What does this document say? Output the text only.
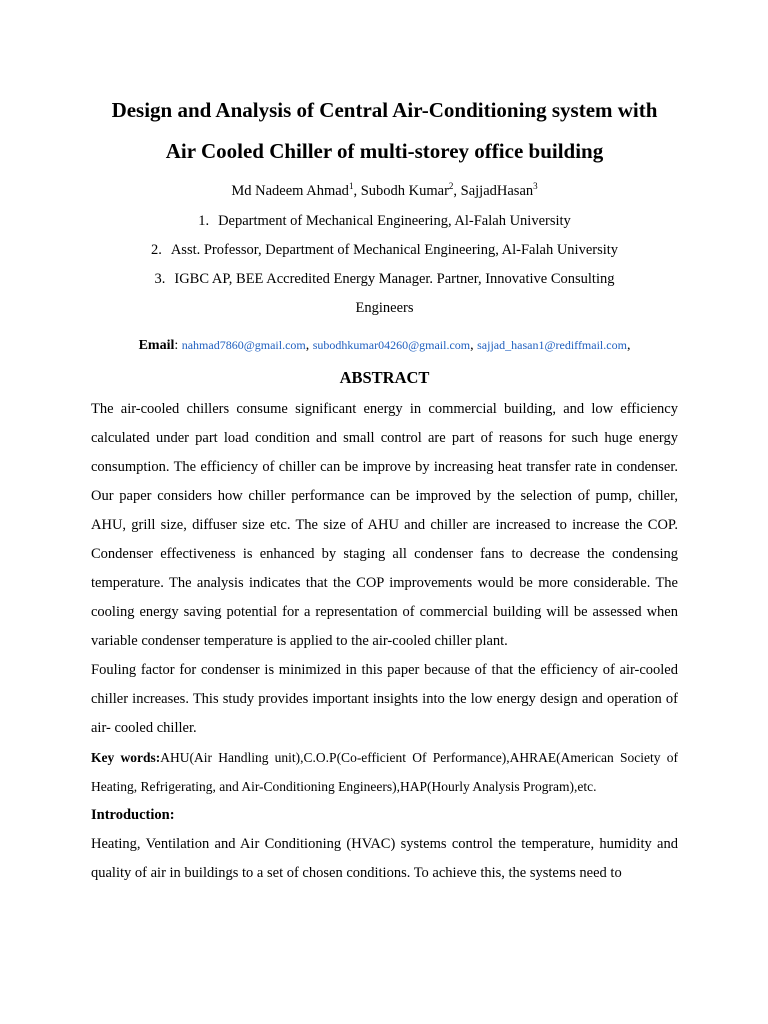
Design and Analysis of Central Air-Conditioning system with
Air Cooled Chiller of multi-storey office building
Md Nadeem Ahmad$^1$, Subodh Kumar$^2$, SajjadHasan$^3$
1. Department of Mechanical Engineering, Al-Falah University
2. Asst. Professor, Department of Mechanical Engineering, Al-Falah University
3. IGBC AP, BEE Accredited Energy Manager. Partner, Innovative Consulting
Engineers
Email: nahmad7860@gmail.com, subodhkumar04260@gmail.com, sajjad_hasan1@rediffmail.com,
ABSTRACT

The air-cooled chillers consume significant energy in commercial building, and low efficiency calculated under part load condition and small control are part of reasons for such huge energy consumption. The efficiency of chiller can be improve by increasing heat transfer rate in condenser. Our paper considers how chiller performance can be improved by the selection of pump, chiller, AHU, grill size, diffuser size etc. The size of AHU and chiller are increased to increase the COP. Condenser effectiveness is enhanced by staging all condenser fans to decrease the condensing temperature. The analysis indicates that the COP improvements would be more considerable. The cooling energy saving potential for a representation of commercial building will be assessed when variable condenser temperature is applied to the air-cooled chiller plant.

Fouling factor for condenser is minimized in this paper because of that the efficiency of air-cooled chiller increases. This study provides important insights into the low energy design and operation of air- cooled chiller.

Key words:AHU(Air Handling unit),C.O.P(Co-efficient Of Performance),AHRAE(American Society of Heating, Refrigerating, and Air-Conditioning Engineers),HAP(Hourly Analysis Program),etc.

Introduction:

Heating, Ventilation and Air Conditioning (HVAC) systems control the temperature, humidity and quality of air in buildings to a set of chosen conditions. To achieve this, the systems need to
